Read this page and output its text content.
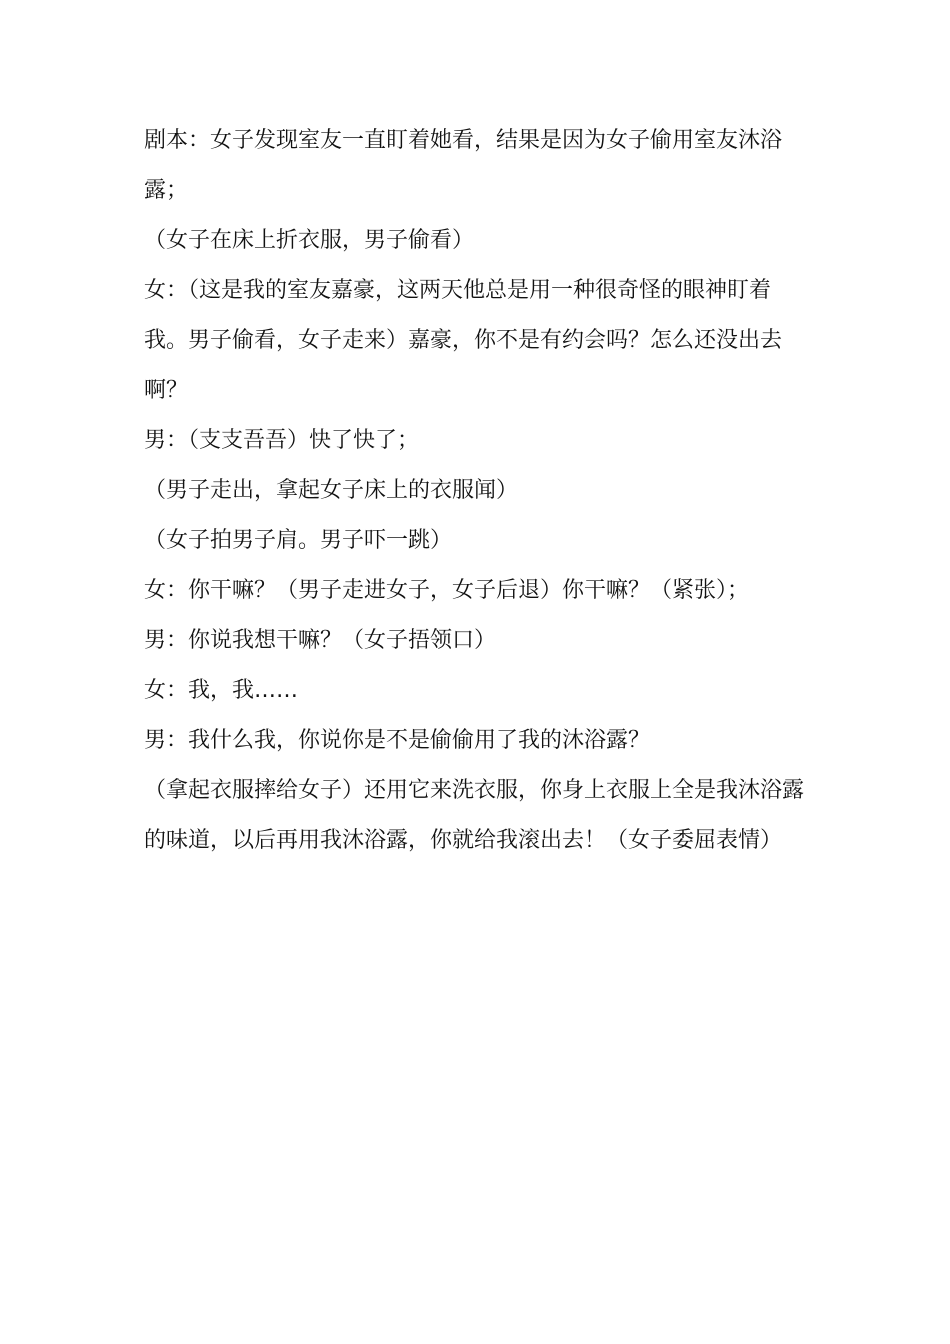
剧本：女子发现室友一直盯着她看，结果是因为女子偷用室友沐浴露；

（女子在床上折衣服，男子偷看）

女：（这是我的室友嘉豪，这两天他总是用一种很奇怪的眼神盯着我。男子偷看，女子走来）嘉豪，你不是有约会吗？怎么还没出去啊？

男：（支支吾吾）快了快了；

（男子走出，拿起女子床上的衣服闻）

（女子拍男子肩。男子吓一跳）

女：你干嘛？（男子走进女子，女子后退）你干嘛？（紧张）；

男：你说我想干嘛？（女子捂领口）

女：我，我……

男：我什么我，你说你是不是偷偷用了我的沐浴露？

（拿起衣服摔给女子）还用它来洗衣服，你身上衣服上全是我沐浴露的味道，以后再用我沐浴露，你就给我滚出去！（女子委屈表情）
